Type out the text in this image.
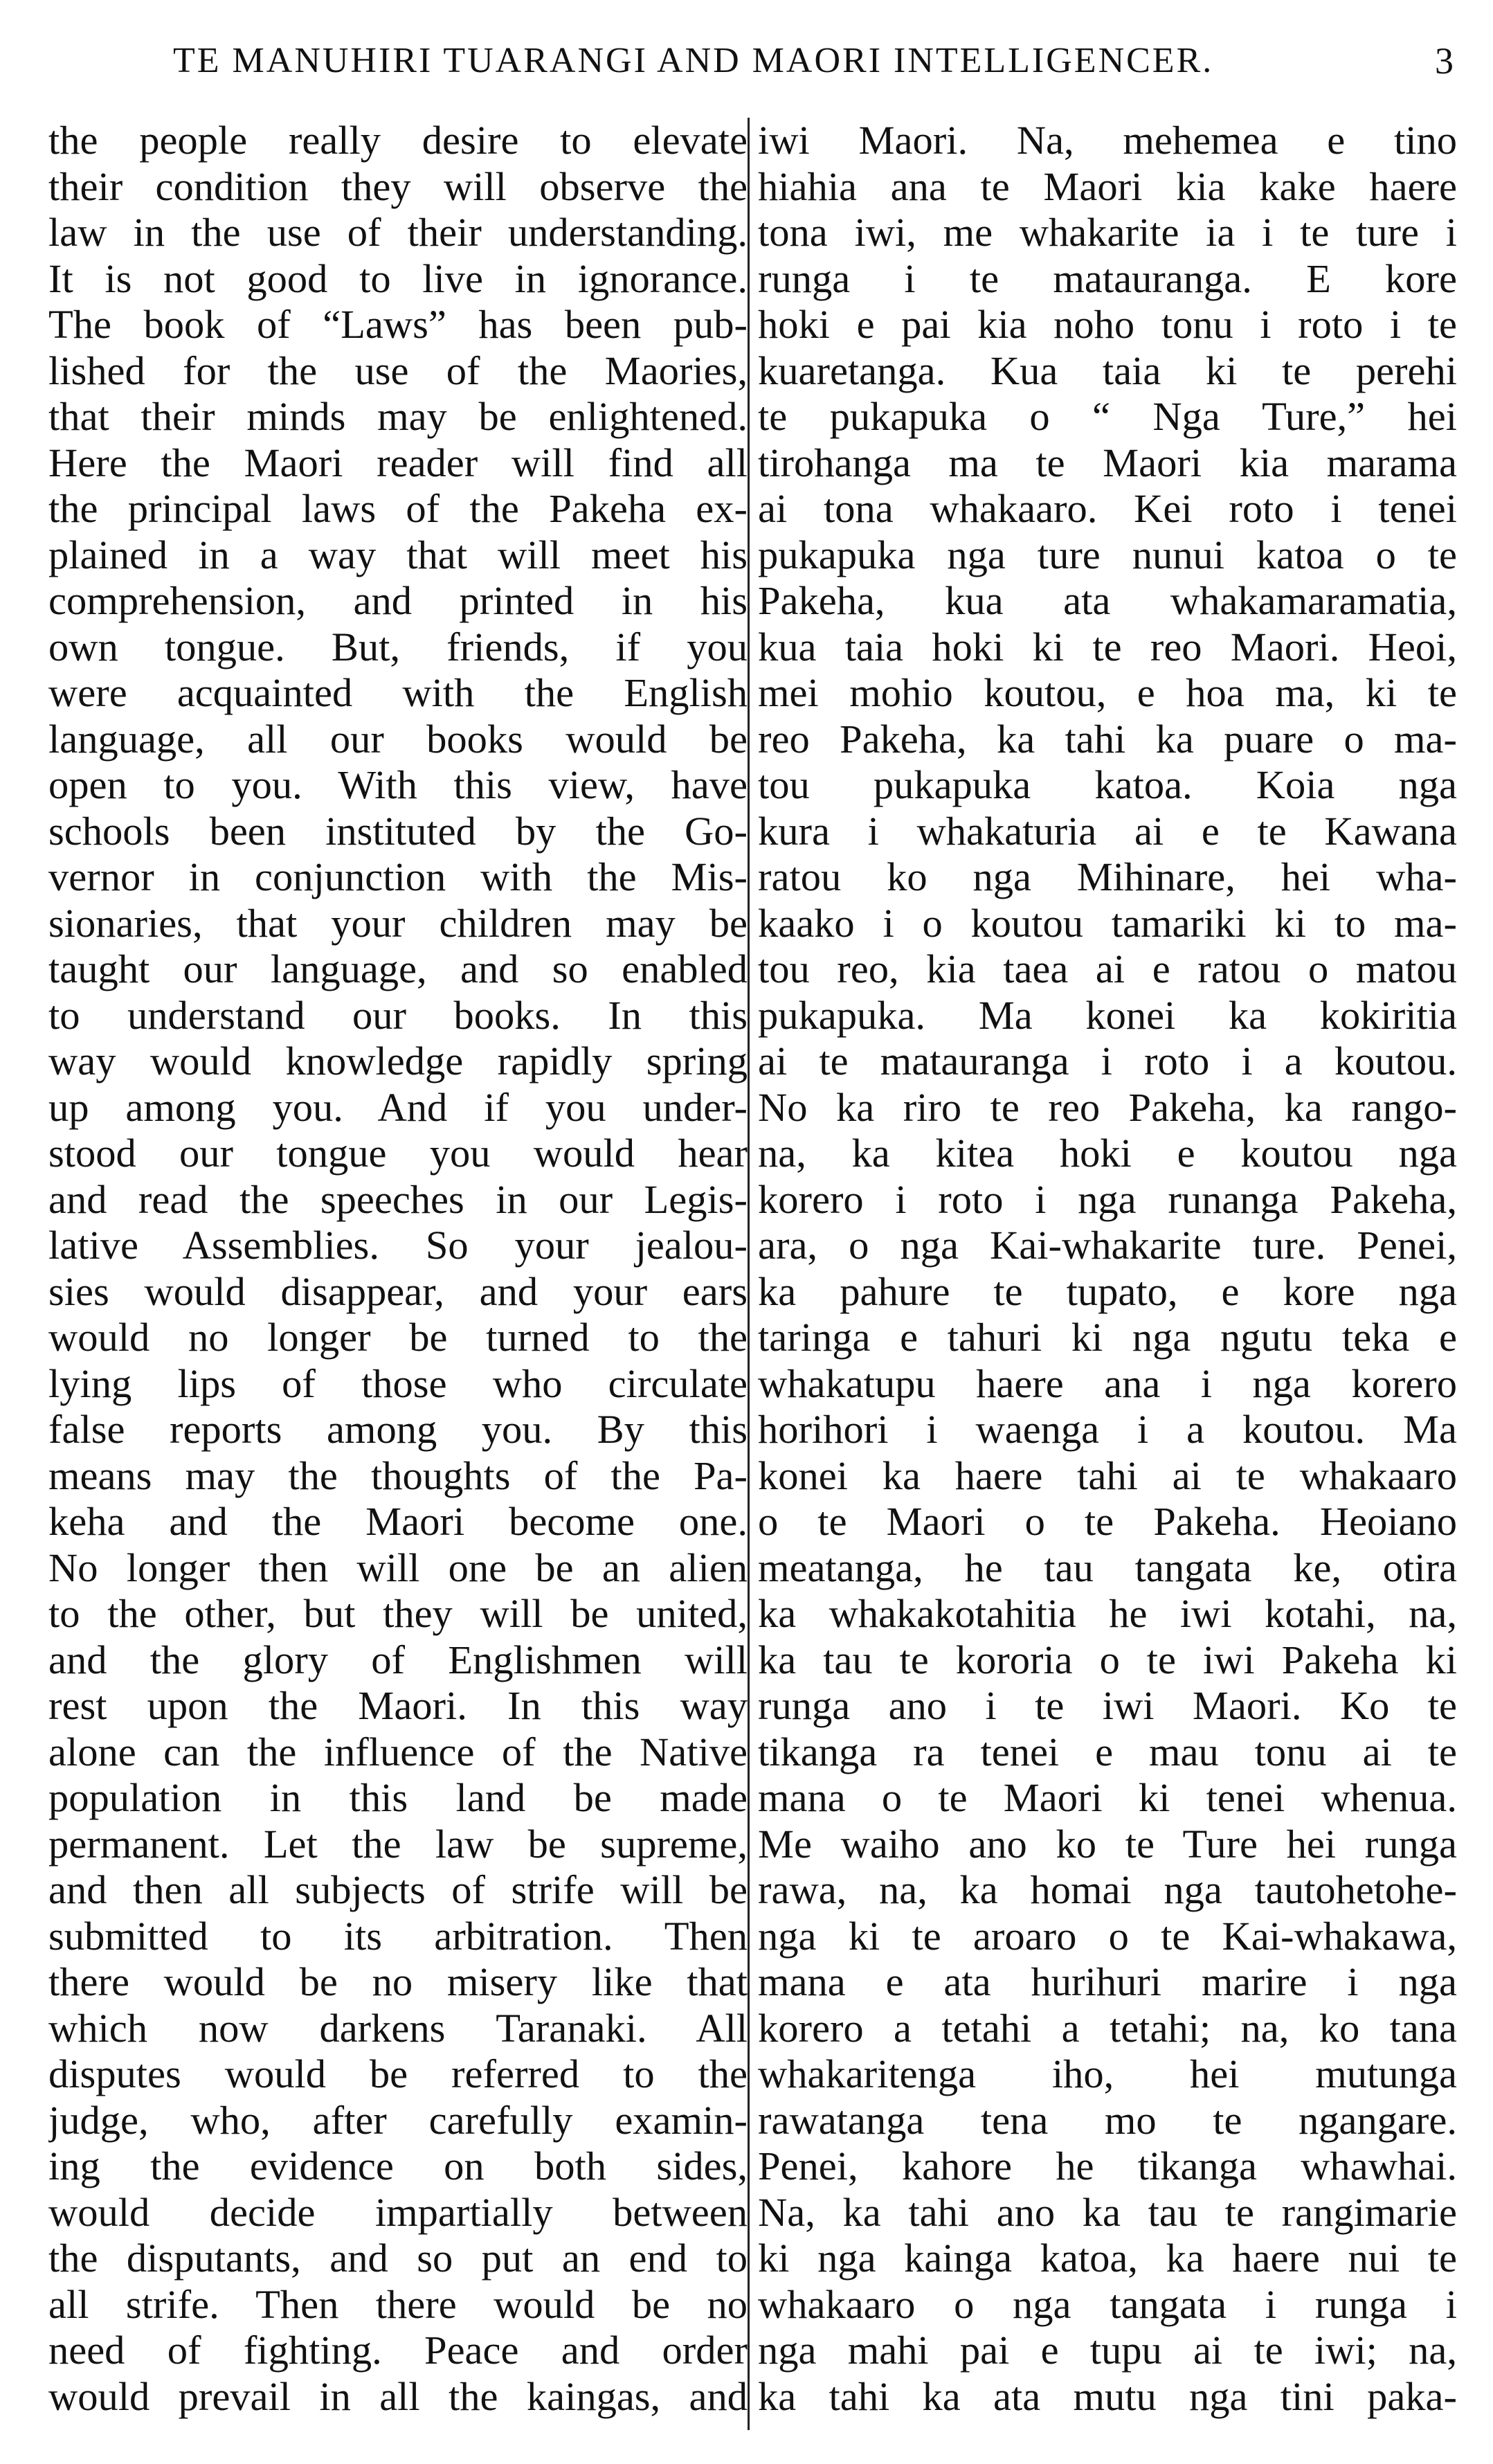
TE MANUHIRI TUARANGI AND MAORI INTELLIGENCER.	3
the people really desire to elevate
their condition they will observe the
law in the use of their understanding.
It is not good to live in ignorance.
The book of “Laws” has been pub-
lished for the use of the Maories,
that their minds may be enlightened.
Here the Maori reader will find all
the principal laws of the Pakeha ex-
plained in a way that will meet his
comprehension, and printed in his
own tongue. But, friends, if you
were acquainted with the English
language, all our books would be
open to you. With this view, have
schools been instituted by the Go-
vernor in conjunction with the Mis-
sionaries, that your children may be
taught our language, and so enabled
to understand our books. In this
way would knowledge rapidly spring
up among you. And if you under-
stood our tongue you would hear
and read the speeches in our Legis-
lative Assemblies. So your jealou-
sies would disappear, and your ears
would no longer be turned to the
lying lips of those who circulate
false reports among you. By this
means may the thoughts of the Pa-
keha and the Maori become one.
No longer then will one be an alien
to the other, but they will be united,
and the glory of Englishmen will
rest upon the Maori. In this way
alone can the influence of the Native
population in this land be made
permanent. Let the law be supreme,
and then all subjects of strife will be
submitted to its arbitration. Then
there would be no misery like that
which now darkens Taranaki. All
disputes would be referred to the
judge, who, after carefully examin-
ing the evidence on both sides,
would decide impartially between
the disputants, and so put an end to
all strife. Then there would be no
need of fighting. Peace and order
would prevail in all the kaingas, and
iwi Maori. Na, mehemea e tino
hiahia ana te Maori kia kake haere
tona iwi, me whakarite ia i te ture i
runga i te matauranga. E kore
hoki e pai kia noho tonu i roto i te
kuaretanga. Kua taia ki te perehi
te pukapuka o “ Nga Ture,” hei
tirohanga ma te Maori kia marama
ai tona whakaaro. Kei roto i tenei
pukapuka nga ture nunui katoa o te
Pakeha, kua ata whakamaramatia,
kua taia hoki ki te reo Maori. Heoi,
mei mohio koutou, e hoa ma, ki te
reo Pakeha, ka tahi ka puare o ma-
tou pukapuka katoa. Koia nga
kura i whakaturia ai e te Kawana
ratou ko nga Mihinare, hei wha-
kaako i o koutou tamariki ki to ma-
tou reo, kia taea ai e ratou o matou
pukapuka. Ma konei ka kokiritia
ai te matauranga i roto i a koutou.
No ka riro te reo Pakeha, ka rango-
na, ka kitea hoki e koutou nga
korero i roto i nga runanga Pakeha,
ara, o nga Kai-whakarite ture. Penei,
ka pahure te tupato, e kore nga
taringa e tahuri ki nga ngutu teka e
whakatupu haere ana i nga korero
horihori i waenga i a koutou. Ma
konei ka haere tahi ai te whakaaro
o te Maori o te Pakeha. Heoiano
meatanga, he tau tangata ke, otira
ka whakakotahitia he iwi kotahi, na,
ka tau te kororia o te iwi Pakeha ki
runga ano i te iwi Maori. Ko te
tikanga ra tenei e mau tonu ai te
mana o te Maori ki tenei whenua.
Me waiho ano ko te Ture hei runga
rawa, na, ka homai nga tautohetohe-
nga ki te aroaro o te Kai-whakawa,
mana e ata hurihuri marire i nga
korero a tetahi a tetahi; na, ko tana
whakaritenga iho, hei mutunga
rawatanga tena mo te ngangare.
Penei, kahore he tikanga whawhai.
Na, ka tahi ano ka tau te rangimarie
ki nga kainga katoa, ka haere nui te
whakaaro o nga tangata i runga i
nga mahi pai e tupu ai te iwi; na,
ka tahi ka ata mutu nga tini paka-
